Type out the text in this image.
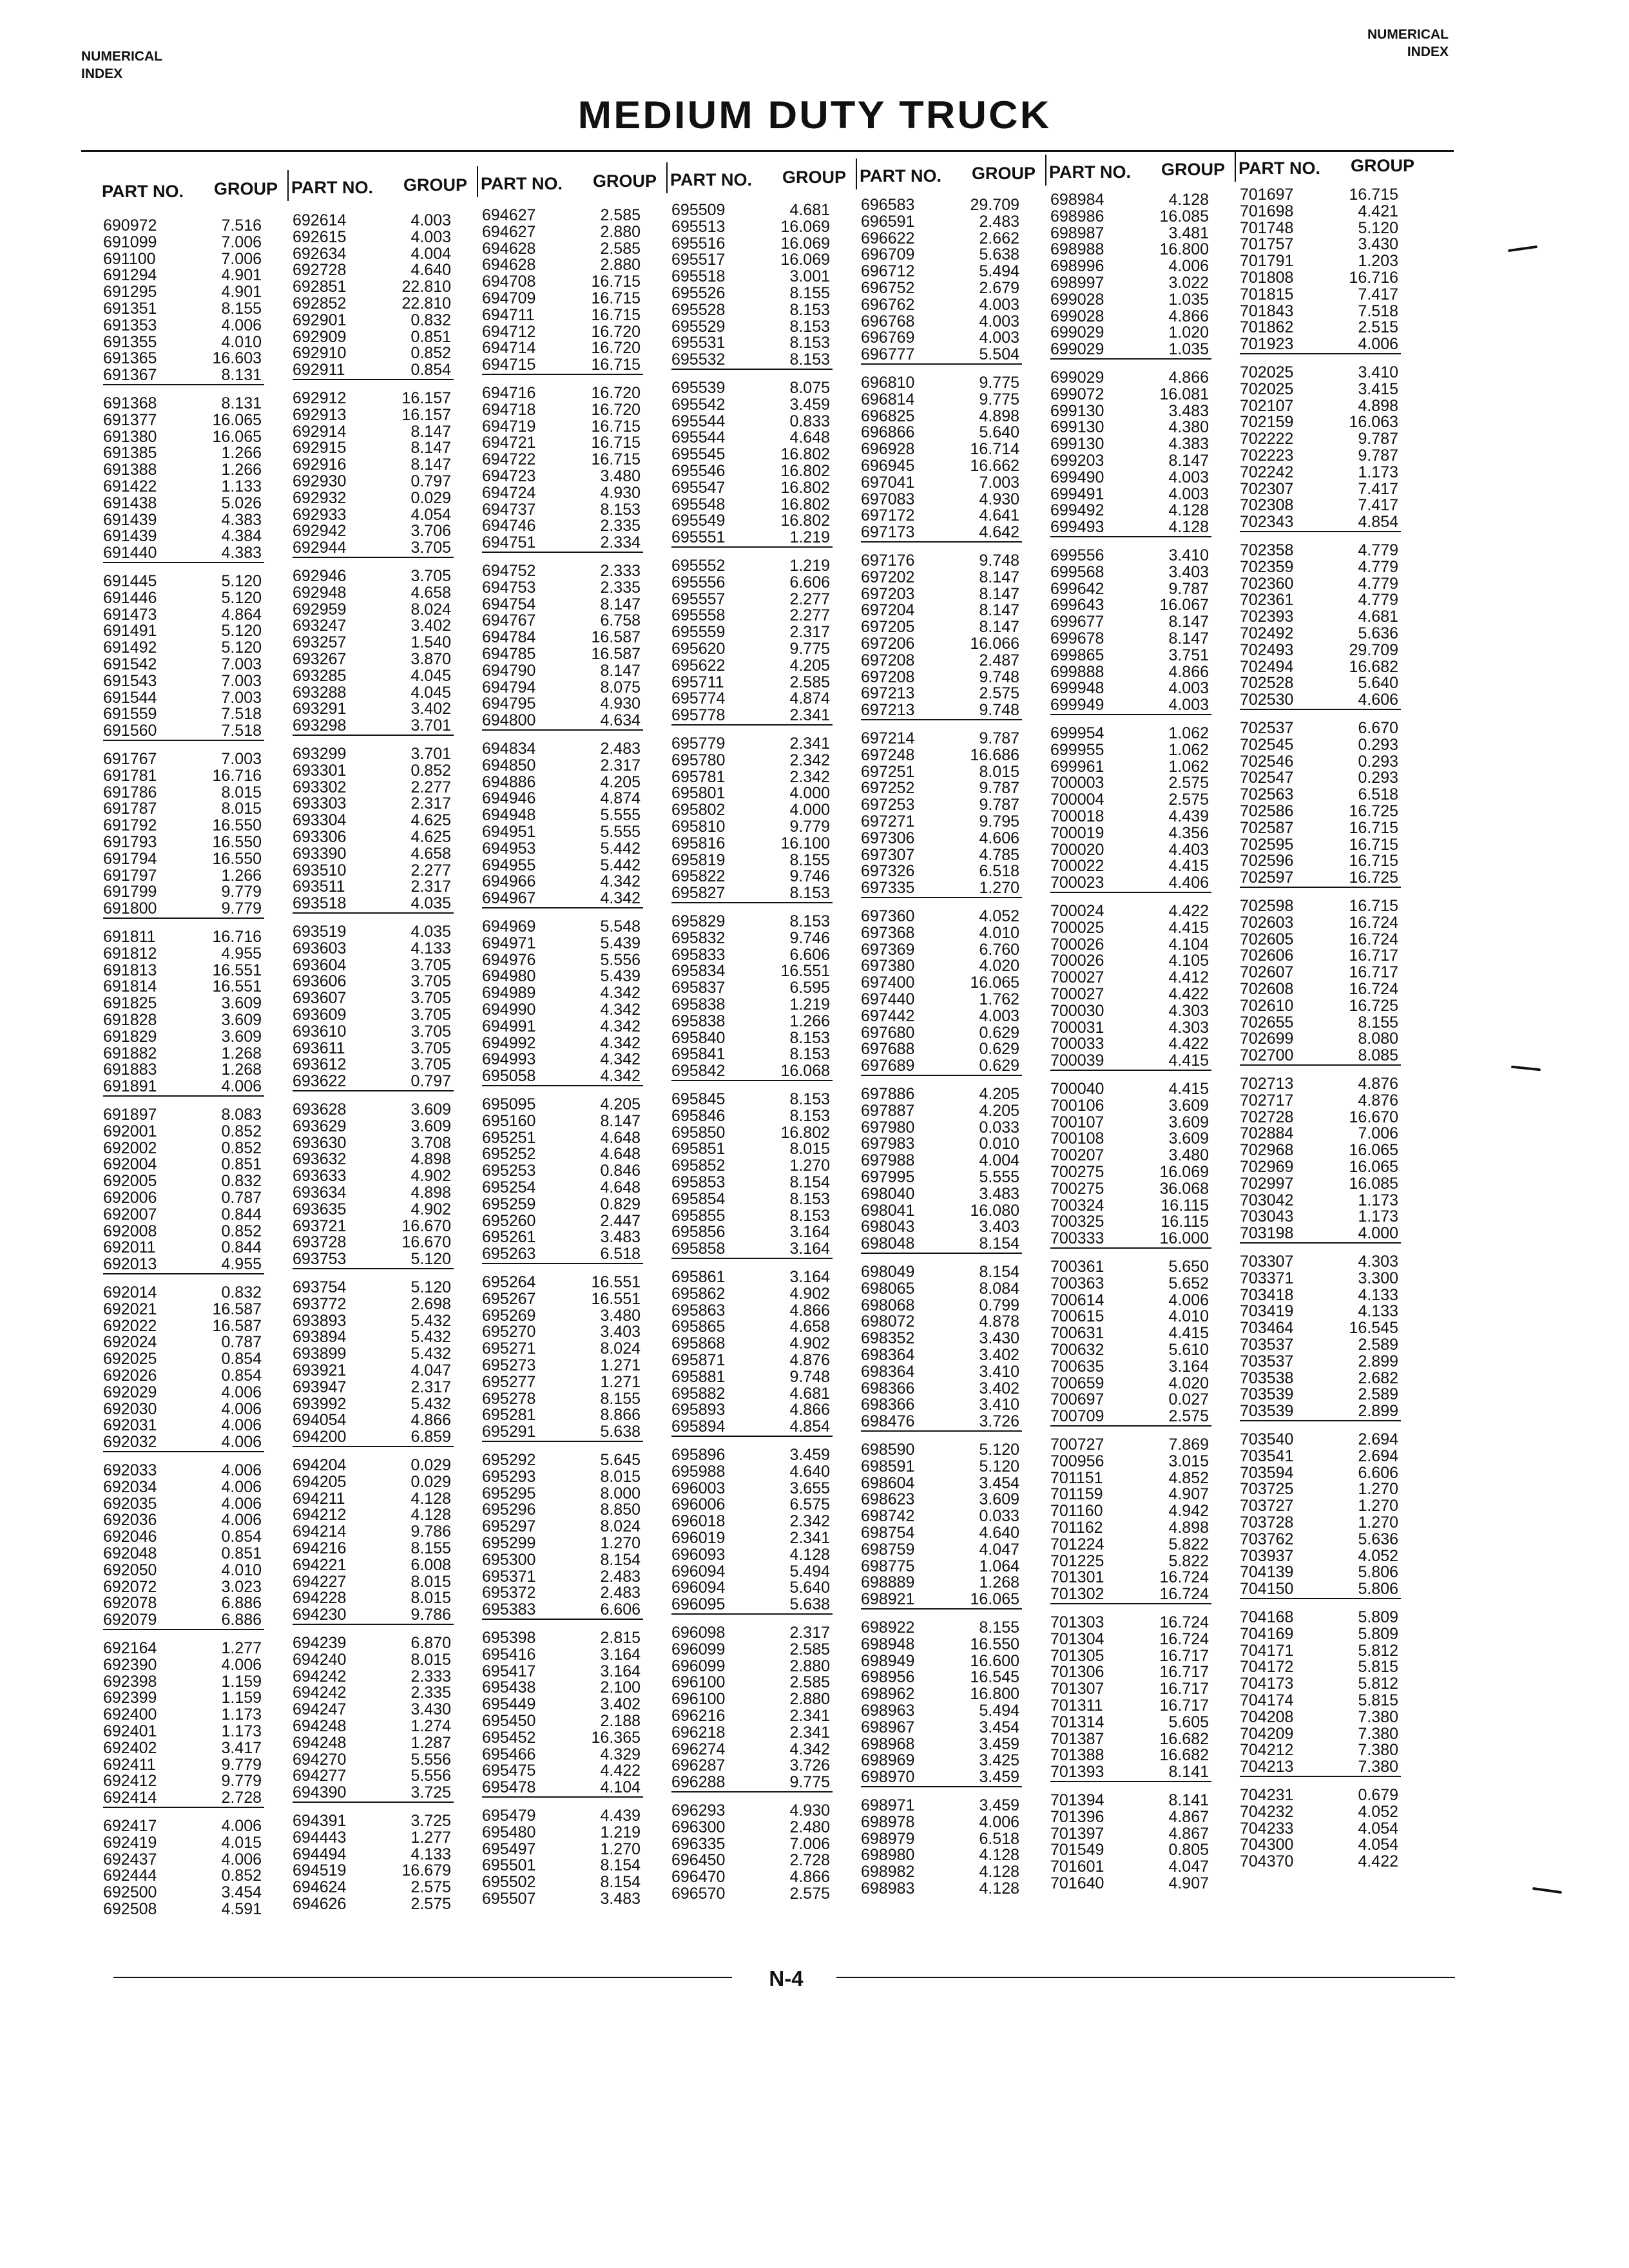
NUMERICAL
INDEX
NUMERICAL
INDEX
MEDIUM DUTY TRUCK
PART NO. GROUP PART NO. GROUP PART NO. GROUP PART NO. GROUP PART NO. GROUP PART NO. GROUP PART NO. GROUP
690972	7.516
691099	7.006
691100	7.006
691294	4.901
691295	4.901
691351	8.155
691353	4.006
691355	4.010
691365	16.603
691367	8.131
691368	8.131
691377	16.065
691380	16.065
691385	1.266
691388	1.266
691422	1.133
691438	5.026
691439	4.383
691439	4.384
691440	4.383
691445	5.120
691446	5.120
691473	4.864
691491	5.120
691492	5.120
691542	7.003
691543	7.003
691544	7.003
691559	7.518
691560	7.518
691767	7.003
691781	16.716
691786	8.015
691787	8.015
691792	16.550
691793	16.550
691794	16.550
691797	1.266
691799	9.779
691800	9.779
691811	16.716
691812	4.955
691813	16.551
691814	16.551
691825	3.609
691828	3.609
691829	3.609
691882	1.268
691883	1.268
691891	4.006
691897	8.083
692001	0.852
692002	0.852
692004	0.851
692005	0.832
692006	0.787
692007	0.844
692008	0.852
692011	0.844
692013	4.955
692014	0.832
692021	16.587
692022	16.587
692024	0.787
692025	0.854
692026	0.854
692029	4.006
692030	4.006
692031	4.006
692032	4.006
692033	4.006
692034	4.006
692035	4.006
692036	4.006
692046	0.854
692048	0.851
692050	4.010
692072	3.023
692078	6.886
692079	6.886
692164	1.277
692390	4.006
692398	1.159
692399	1.159
692400	1.173
692401	1.173
692402	3.417
692411	9.779
692412	9.779
692414	2.728
692417	4.006
692419	4.015
692437	4.006
692444	0.852
692500	3.454
692508	4.591
692614	4.003
692615	4.003
692634	4.004
692728	4.640
692851	22.810
692852	22.810
692901	0.832
692909	0.851
692910	0.852
692911	0.854
692912	16.157
692913	16.157
692914	8.147
692915	8.147
692916	8.147
692930	0.797
692932	0.029
692933	4.054
692942	3.706
692944	3.705
692946	3.705
692948	4.658
692959	8.024
693247	3.402
693257	1.540
693267	3.870
693285	4.045
693288	4.045
693291	3.402
693298	3.701
693299	3.701
693301	0.852
693302	2.277
693303	2.317
693304	4.625
693306	4.625
693390	4.658
693510	2.277
693511	2.317
693518	4.035
693519	4.035
693603	4.133
693604	3.705
693606	3.705
693607	3.705
693609	3.705
693610	3.705
693611	3.705
693612	3.705
693622	0.797
693628	3.609
693629	3.609
693630	3.708
693632	4.898
693633	4.902
693634	4.898
693635	4.902
693721	16.670
693728	16.670
693753	5.120
693754	5.120
693772	2.698
693893	5.432
693894	5.432
693899	5.432
693921	4.047
693947	2.317
693992	5.432
694054	4.866
694200	6.859
694204	0.029
694205	0.029
694211	4.128
694212	4.128
694214	9.786
694216	8.155
694221	6.008
694227	8.015
694228	8.015
694230	9.786
694239	6.870
694240	8.015
694242	2.333
694242	2.335
694247	3.430
694248	1.274
694248	1.287
694270	5.556
694277	5.556
694390	3.725
694391	3.725
694443	1.277
694494	4.133
694519	16.679
694624	2.575
694626	2.575
694627	2.585
694627	2.880
694628	2.585
694628	2.880
694708	16.715
694709	16.715
694711	16.715
694712	16.720
694714	16.720
694715	16.715
694716	16.720
694718	16.720
694719	16.715
694721	16.715
694722	16.715
694723	3.480
694724	4.930
694737	8.153
694746	2.335
694751	2.334
694752	2.333
694753	2.335
694754	8.147
694767	6.758
694784	16.587
694785	16.587
694790	8.147
694794	8.075
694795	4.930
694800	4.634
694834	2.483
694850	2.317
694886	4.205
694946	4.874
694948	5.555
694951	5.555
694953	5.442
694955	5.442
694966	4.342
694967	4.342
694969	5.548
694971	5.439
694976	5.556
694980	5.439
694989	4.342
694990	4.342
694991	4.342
694992	4.342
694993	4.342
695058	4.342
695095	4.205
695160	8.147
695251	4.648
695252	4.648
695253	0.846
695254	4.648
695259	0.829
695260	2.447
695261	3.483
695263	6.518
695264	16.551
695267	16.551
695269	3.480
695270	3.403
695271	8.024
695273	1.271
695277	1.271
695278	8.155
695281	8.866
695291	5.638
695292	5.645
695293	8.015
695295	8.000
695296	8.850
695297	8.024
695299	1.270
695300	8.154
695371	2.483
695372	2.483
695383	6.606
695398	2.815
695416	3.164
695417	3.164
695438	2.100
695449	3.402
695450	2.188
695452	16.365
695466	4.329
695475	4.422
695478	4.104
695479	4.439
695480	1.219
695497	1.270
695501	8.154
695502	8.154
695507	3.483
695509	4.681
695513	16.069
695516	16.069
695517	16.069
695518	3.001
695526	8.155
695528	8.153
695529	8.153
695531	8.153
695532	8.153
695539	8.075
695542	3.459
695544	0.833
695544	4.648
695545	16.802
695546	16.802
695547	16.802
695548	16.802
695549	16.802
695551	1.219
695552	1.219
695556	6.606
695557	2.277
695558	2.277
695559	2.317
695620	9.775
695622	4.205
695711	2.585
695774	4.874
695778	2.341
695779	2.341
695780	2.342
695781	2.342
695801	4.000
695802	4.000
695810	9.779
695816	16.100
695819	8.155
695822	9.746
695827	8.153
695829	8.153
695832	9.746
695833	6.606
695834	16.551
695837	6.595
695838	1.219
695838	1.266
695840	8.153
695841	8.153
695842	16.068
695845	8.153
695846	8.153
695850	16.802
695851	8.015
695852	1.270
695853	8.154
695854	8.153
695855	8.153
695856	3.164
695858	3.164
695861	3.164
695862	4.902
695863	4.866
695865	4.658
695868	4.902
695871	4.876
695881	9.748
695882	4.681
695893	4.866
695894	4.854
695896	3.459
695988	4.640
696003	3.655
696006	6.575
696018	2.342
696019	2.341
696093	4.128
696094	5.494
696094	5.640
696095	5.638
696098	2.317
696099	2.585
696099	2.880
696100	2.585
696100	2.880
696216	2.341
696218	2.341
696274	4.342
696287	3.726
696288	9.775
696293	4.930
696300	2.480
696335	7.006
696450	2.728
696470	4.866
696570	2.575
696583	29.709
696591	2.483
696622	2.662
696709	5.638
696712	5.494
696752	2.679
696762	4.003
696768	4.003
696769	4.003
696777	5.504
696810	9.775
696814	9.775
696825	4.898
696866	5.640
696928	16.714
696945	16.662
697041	7.003
697083	4.930
697172	4.641
697173	4.642
697176	9.748
697202	8.147
697203	8.147
697204	8.147
697205	8.147
697206	16.066
697208	2.487
697208	9.748
697213	2.575
697213	9.748
697214	9.787
697248	16.686
697251	8.015
697252	9.787
697253	9.787
697271	9.795
697306	4.606
697307	4.785
697326	6.518
697335	1.270
697360	4.052
697368	4.010
697369	6.760
697380	4.020
697400	16.065
697440	1.762
697442	4.003
697680	0.629
697688	0.629
697689	0.629
697886	4.205
697887	4.205
697980	0.033
697983	0.010
697988	4.004
697995	5.555
698040	3.483
698041	16.080
698043	3.403
698048	8.154
698049	8.154
698065	8.084
698068	0.799
698072	4.878
698352	3.430
698364	3.402
698364	3.410
698366	3.402
698366	3.410
698476	3.726
698590	5.120
698591	5.120
698604	3.454
698623	3.609
698742	0.033
698754	4.640
698759	4.047
698775	1.064
698889	1.268
698921	16.065
698922	8.155
698948	16.550
698949	16.600
698956	16.545
698962	16.800
698963	5.494
698967	3.454
698968	3.459
698969	3.425
698970	3.459
698971	3.459
698978	4.006
698979	6.518
698980	4.128
698982	4.128
698983	4.128
698984	4.128
698986	16.085
698987	3.481
698988	16.800
698996	4.006
698997	3.022
699028	1.035
699028	4.866
699029	1.020
699029	1.035
699029	4.866
699072	16.081
699130	3.483
699130	4.380
699130	4.383
699203	8.147
699490	4.003
699491	4.003
699492	4.128
699493	4.128
699556	3.410
699568	3.403
699642	9.787
699643	16.067
699677	8.147
699678	8.147
699865	3.751
699888	4.866
699948	4.003
699949	4.003
699954	1.062
699955	1.062
699961	1.062
700003	2.575
700004	2.575
700018	4.439
700019	4.356
700020	4.403
700022	4.415
700023	4.406
700024	4.422
700025	4.415
700026	4.104
700026	4.105
700027	4.412
700027	4.422
700030	4.303
700031	4.303
700033	4.422
700039	4.415
700040	4.415
700106	3.609
700107	3.609
700108	3.609
700207	3.480
700275	16.069
700275	36.068
700324	16.115
700325	16.115
700333	16.000
700361	5.650
700363	5.652
700614	4.006
700615	4.010
700631	4.415
700632	5.610
700635	3.164
700659	4.020
700697	0.027
700709	2.575
700727	7.869
700956	3.015
701151	4.852
701159	4.907
701160	4.942
701162	4.898
701224	5.822
701225	5.822
701301	16.724
701302	16.724
701303	16.724
701304	16.724
701305	16.717
701306	16.717
701307	16.717
701311	16.717
701314	5.605
701387	16.682
701388	16.682
701393	8.141
701394	8.141
701396	4.867
701397	4.867
701549	0.805
701601	4.047
701640	4.907
701697	16.715
701698	4.421
701748	5.120
701757	3.430
701791	1.203
701808	16.716
701815	7.417
701843	7.518
701862	2.515
701923	4.006
702025	3.410
702025	3.415
702107	4.898
702159	16.063
702222	9.787
702223	9.787
702242	1.173
702307	7.417
702308	7.417
702343	4.854
702358	4.779
702359	4.779
702360	4.779
702361	4.779
702393	4.681
702492	5.636
702493	29.709
702494	16.682
702528	5.640
702530	4.606
702537	6.670
702545	0.293
702546	0.293
702547	0.293
702563	6.518
702586	16.725
702587	16.715
702595	16.715
702596	16.715
702597	16.725
702598	16.715
702603	16.724
702605	16.724
702606	16.717
702607	16.717
702608	16.724
702610	16.725
702655	8.155
702699	8.080
702700	8.085
702713	4.876
702717	4.876
702728	16.670
702884	7.006
702968	16.065
702969	16.065
702997	16.085
703042	1.173
703043	1.173
703198	4.000
703307	4.303
703371	3.300
703418	4.133
703419	4.133
703464	16.545
703537	2.589
703537	2.899
703538	2.682
703539	2.589
703539	2.899
703540	2.694
703541	2.694
703594	6.606
703725	1.270
703727	1.270
703728	1.270
703762	5.636
703937	4.052
704139	5.806
704150	5.806
704168	5.809
704169	5.809
704171	5.812
704172	5.815
704173	5.812
704174	5.815
704208	7.380
704209	7.380
704212	7.380
704213	7.380
704231	0.679
704232	4.052
704233	4.054
704300	4.054
704370	4.422
N-4
